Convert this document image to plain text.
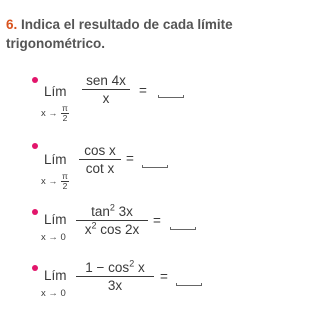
6. Indica el resultado de cada límite trigonométrico.
Lím
$x \to \frac{\pi}{2}$
sen 4x
x
=
Lím
$x \to \frac{\pi}{2}$
cos x
cot x
=
Lím
x → 0
$\tan^2 3x$
$x^2$ cos 2x
=
Lím
x → 0
$1 - \cos^2 x$
3x
=
